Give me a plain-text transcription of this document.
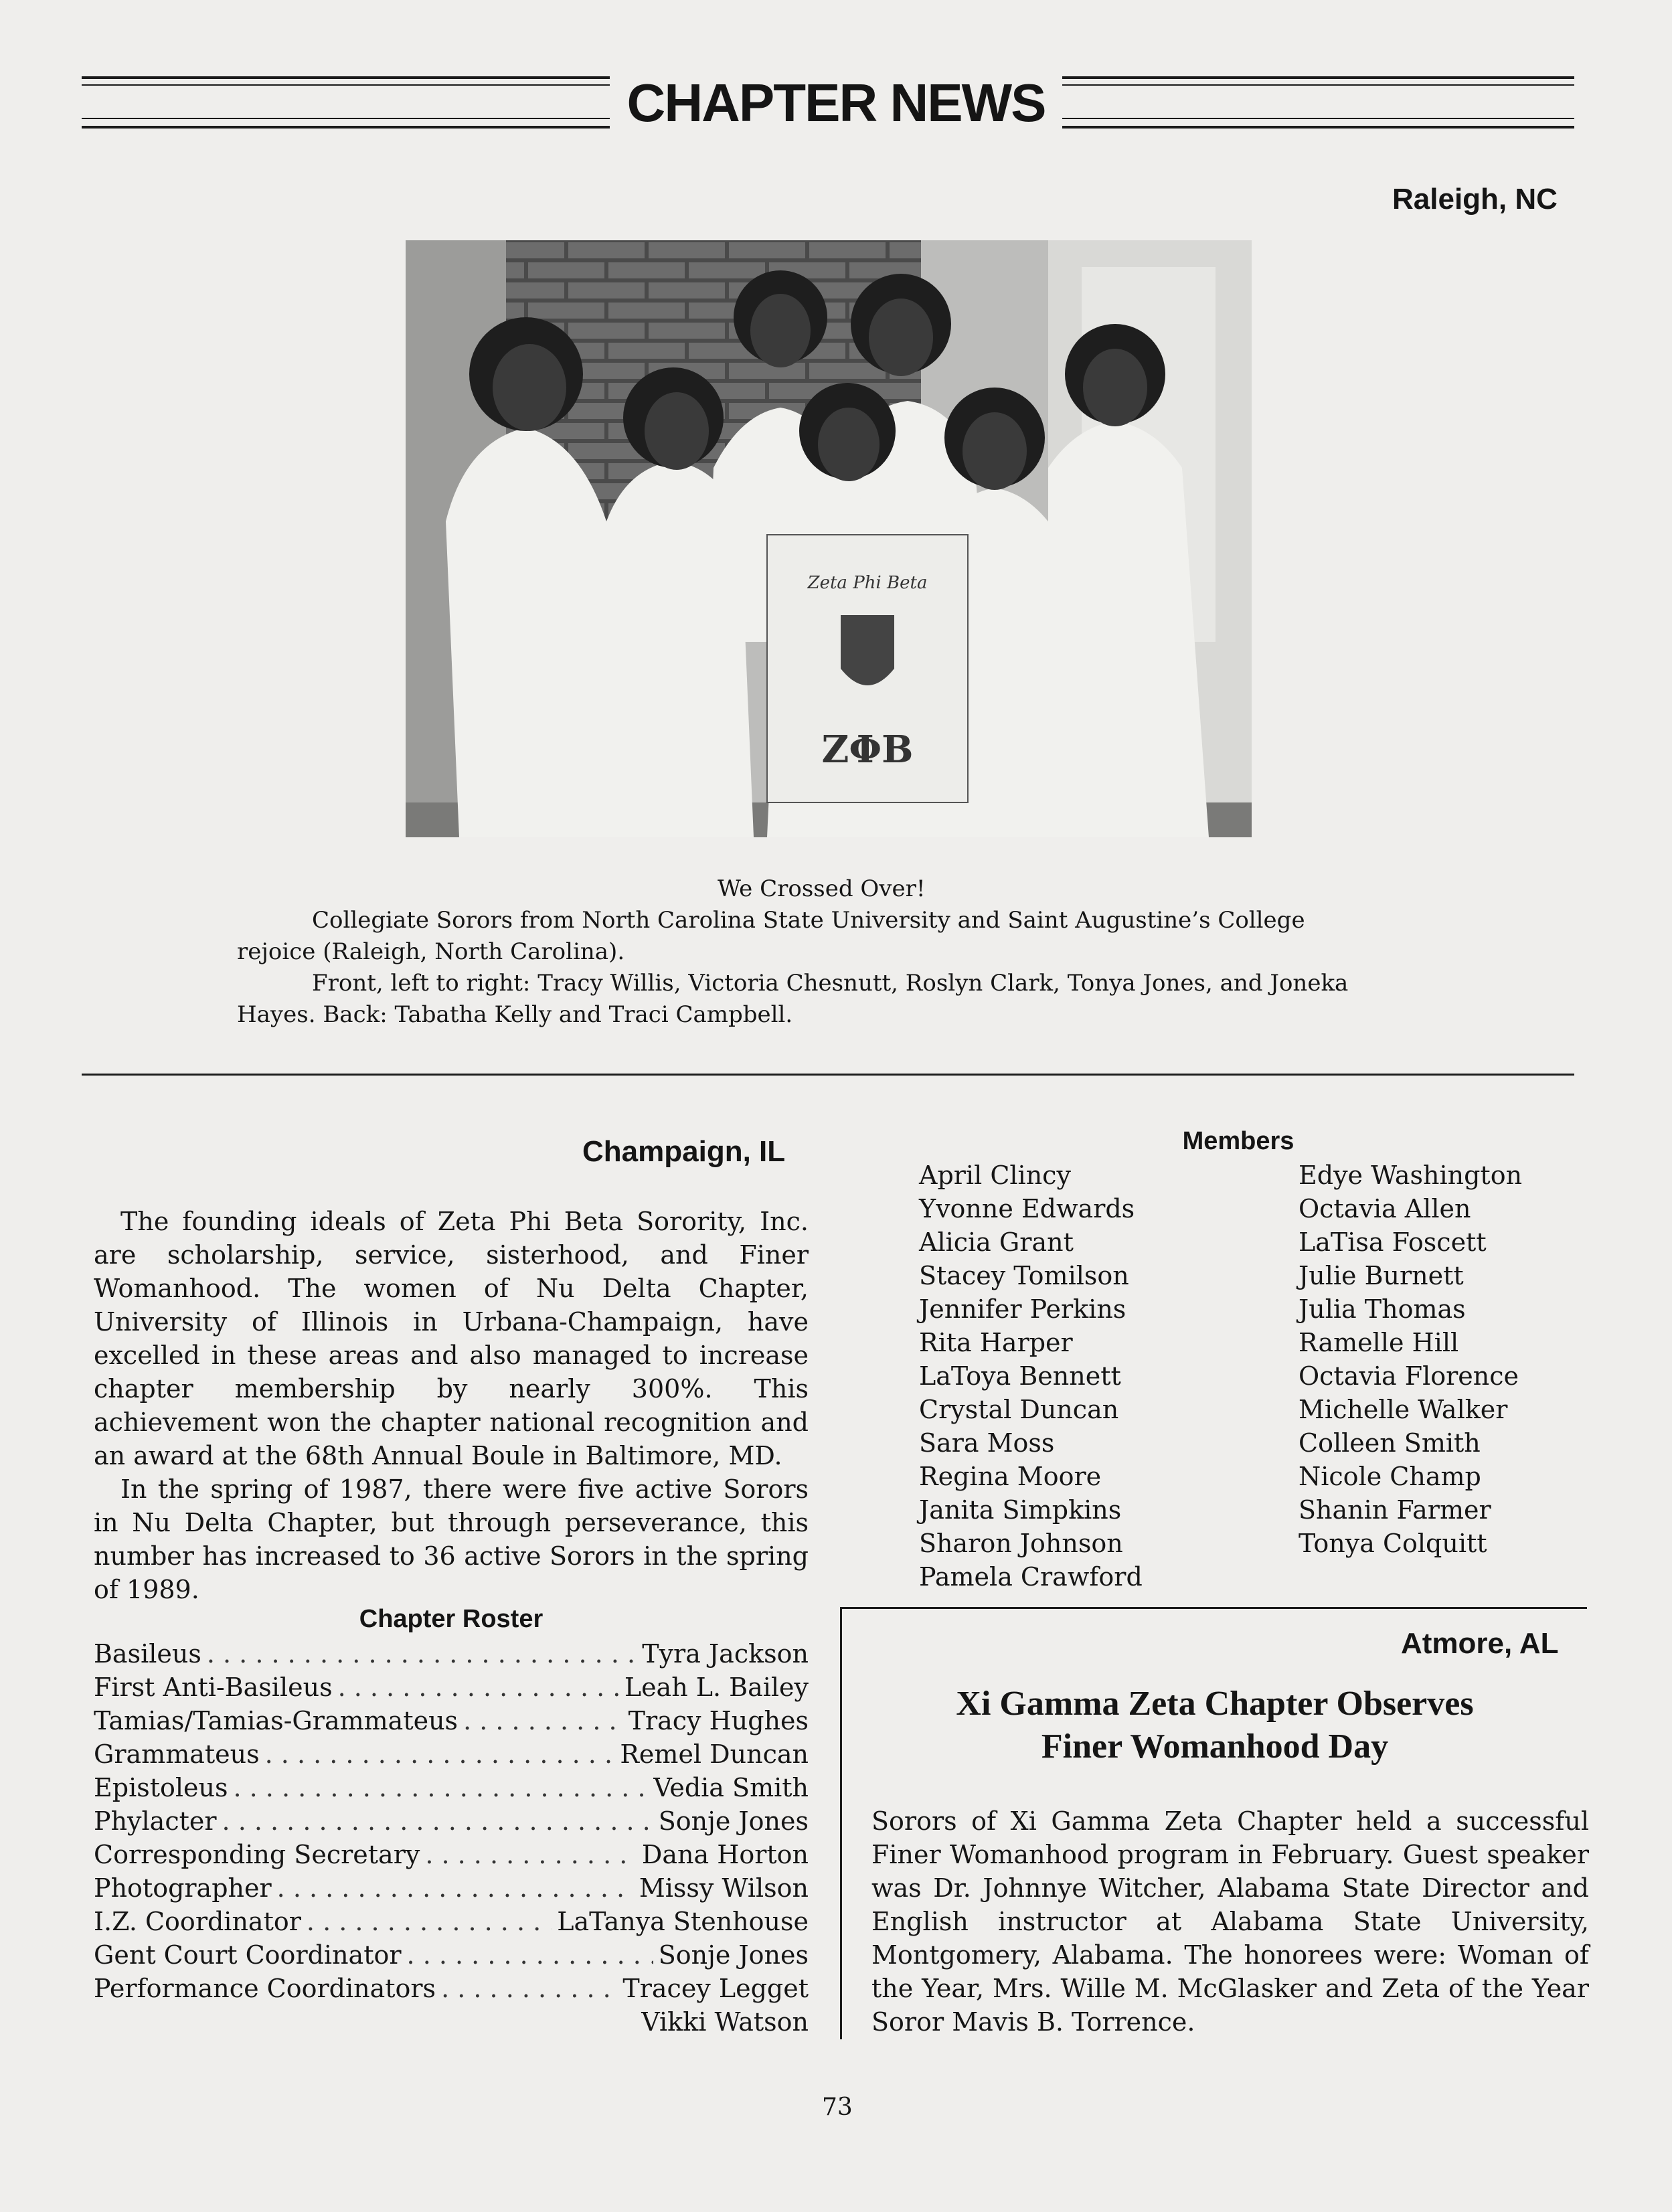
CHAPTER NEWS
Raleigh, NC
Zeta Phi Beta
ZΦB
We Crossed Over!
Collegiate Sorors from North Carolina State University and Saint Augustine’s College
rejoice (Raleigh, North Carolina).
Front, left to right: Tracy Willis, Victoria Chesnutt, Roslyn Clark, Tonya Jones, and Joneka
Hayes. Back: Tabatha Kelly and Traci Campbell.
Champaign, IL

The founding ideals of Zeta Phi Beta Sorority, Inc. are scholarship, service, sisterhood, and Finer Womanhood. The women of Nu Delta Chapter, University of Illinois in Urbana-Champaign, have excelled in these areas and also managed to increase chapter membership by nearly 300%. This achievement won the chapter national recognition and an award at the 68th Annual Boule in Baltimore, MD.

In the spring of 1987, there were five active Sorors in Nu Delta Chapter, but through perseverance, this number has increased to 36 active Sorors in the spring of 1989.

Chapter Roster
Basileus . . .	Tyra Jackson
First Anti-Basileus . . .	Leah L. Bailey
Tamias/Tamias-Grammateus . . .	Tracy Hughes
Grammateus . . .	Remel Duncan
Epistoleus . . .	Vedia Smith
Phylacter . . .	Sonje Jones
Corresponding Secretary . . .	Dana Horton
Photographer . . .	Missy Wilson
I.Z. Coordinator . . .	LaTanya Stenhouse
Gent Court Coordinator . . .	Sonje Jones
Performance Coordinators . . .	Tracey Legget
Vikki Watson
Members
April Clincy
Yvonne Edwards
Alicia Grant
Stacey Tomilson
Jennifer Perkins
Rita Harper
LaToya Bennett
Crystal Duncan
Sara Moss
Regina Moore
Janita Simpkins
Sharon Johnson
Pamela Crawford
Edye Washington
Octavia Allen
LaTisa Foscett
Julie Burnett
Julia Thomas
Ramelle Hill
Octavia Florence
Michelle Walker
Colleen Smith
Nicole Champ
Shanin Farmer
Tonya Colquitt
Atmore, AL
Xi Gamma Zeta Chapter Observes
Finer Womanhood Day
Sorors of Xi Gamma Zeta Chapter held a successful Finer Womanhood program in February. Guest speaker was Dr. Johnnye Witcher, Alabama State Director and English instructor at Alabama State University, Montgomery, Alabama. The honorees were: Woman of the Year, Mrs. Wille M. McGlasker and Zeta of the Year Soror Mavis B. Torrence.
73
